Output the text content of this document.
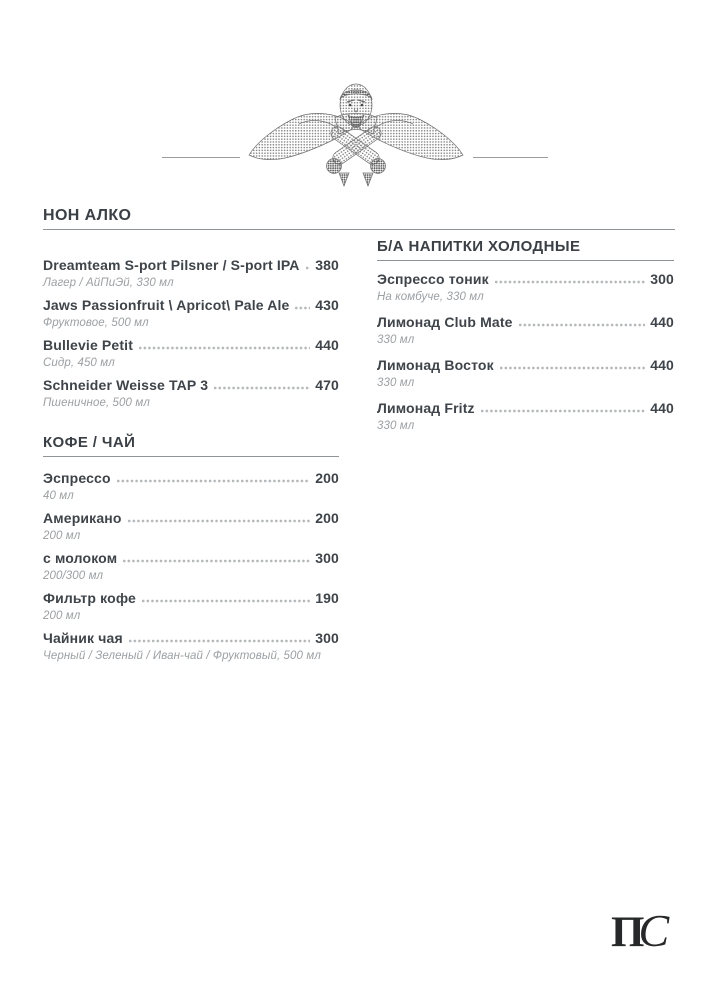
НОН АЛКО
Dreamteam S-port Pilsner / S-port IPA 380
Лагер / АйПиЭй, 330 мл
Jaws Passionfruit \ Apricot\ Pale Ale 430
Фруктовое, 500 мл
Bullevie Petit	440
Сидр, 450 мл
Schneider Weisse TAP 3	470
Пшеничное, 500 мл
КОФЕ / ЧАЙ
Эспрессо	200
40 мл
Американо	200
200 мл
с молоком	300
200/300 мл
Фильтр кофе	190
200 мл
Чайник чая	300
Черный / Зеленый / Иван-чай / Фруктовый, 500 мл
Б/А НАПИТКИ ХОЛОДНЫЕ
Эспрессо тоник	300
На комбуче, 330 мл
Лимонад Club Mate	440
330 мл
Лимонад Восток	440
330 мл
Лимонад Fritz	440
330 мл
ПС
